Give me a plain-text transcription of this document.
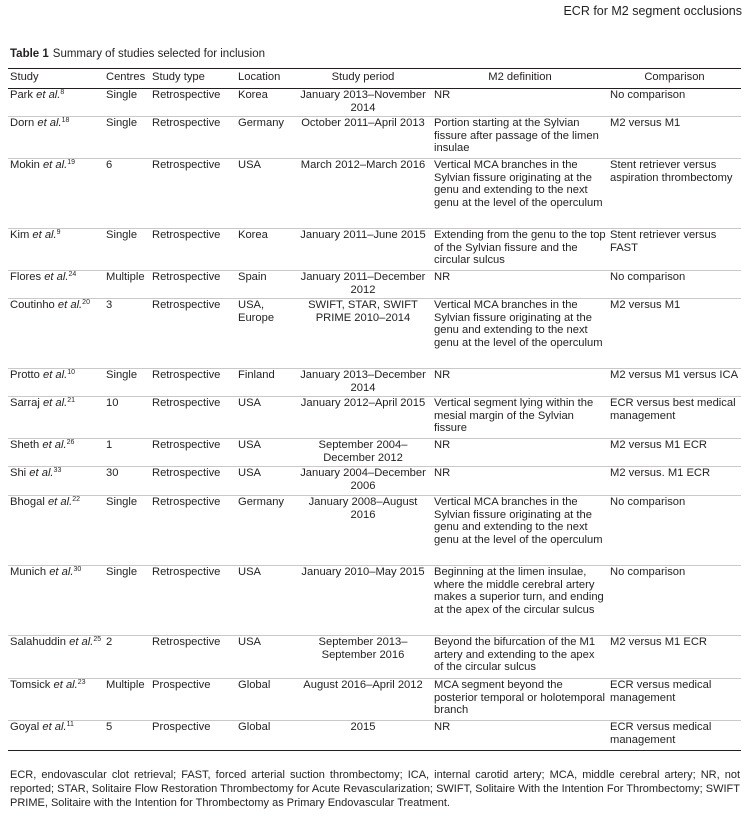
ECR for M2 segment occlusions
Table 1 Summary of studies selected for inclusion
Study	Centres	Study type	Location	Study period	M2 definition	Comparison
Park et al.$^8$	Single	Retrospective	Korea	January 2013–November 2014	NR	No comparison
Dorn et al.$^{18}$	Single	Retrospective	Germany	October 2011–April 2013	Portion starting at the Sylvian fissure after passage of the limen insulae	M2 versus M1
Mokin et al.$^{19}$	6	Retrospective	USA	March 2012–March 2016	Vertical MCA branches in the Sylvian fissure originating at the genu and extending to the next genu at the level of the operculum	Stent retriever versus aspiration thrombectomy
Kim et al.$^9$	Single	Retrospective	Korea	January 2011–June 2015	Extending from the genu to the top of the Sylvian fissure and the circular sulcus	Stent retriever versus FAST
Flores et al.$^{24}$	Multiple	Retrospective	Spain	January 2011–December 2012	NR	No comparison
Coutinho et al.$^{20}$	3	Retrospective	USA, Europe	SWIFT, STAR, SWIFT PRIME 2010–2014	Vertical MCA branches in the Sylvian fissure originating at the genu and extending to the next genu at the level of the operculum	M2 versus M1
Protto et al.$^{10}$	Single	Retrospective	Finland	January 2013–December 2014	NR	M2 versus M1 versus ICA
Sarraj et al.$^{21}$	10	Retrospective	USA	January 2012–April 2015	Vertical segment lying within the mesial margin of the Sylvian fissure	ECR versus best medical management
Sheth et al.$^{26}$	1	Retrospective	USA	September 2004–December 2012	NR	M2 versus M1 ECR
Shi et al.$^{33}$	30	Retrospective	USA	January 2004–December 2006	NR	M2 versus. M1 ECR
Bhogal et al.$^{22}$	Single	Retrospective	Germany	January 2008–August 2016	Vertical MCA branches in the Sylvian fissure originating at the genu and extending to the next genu at the level of the operculum	No comparison
Munich et al.$^{30}$	Single	Retrospective	USA	January 2010–May 2015	Beginning at the limen insulae, where the middle cerebral artery makes a superior turn, and ending at the apex of the circular sulcus	No comparison
Salahuddin et al.$^{25}$	2	Retrospective	USA	September 2013–September 2016	Beyond the bifurcation of the M1 artery and extending to the apex of the circular sulcus	M2 versus M1 ECR
Tomsick et al.$^{23}$	Multiple	Prospective	Global	August 2016–April 2012	MCA segment beyond the posterior temporal or holotemporal branch	ECR versus medical management
Goyal et al.$^{11}$	5	Prospective	Global	2015	NR	ECR versus medical management
ECR, endovascular clot retrieval; FAST, forced arterial suction thrombectomy; ICA, internal carotid artery; MCA, middle cerebral artery; NR, not reported; STAR, Solitaire Flow Restoration Thrombectomy for Acute Revascularization; SWIFT, Solitaire With the Intention For Thrombectomy; SWIFT PRIME, Solitaire with the Intention for Thrombectomy as Primary Endovascular Treatment.
